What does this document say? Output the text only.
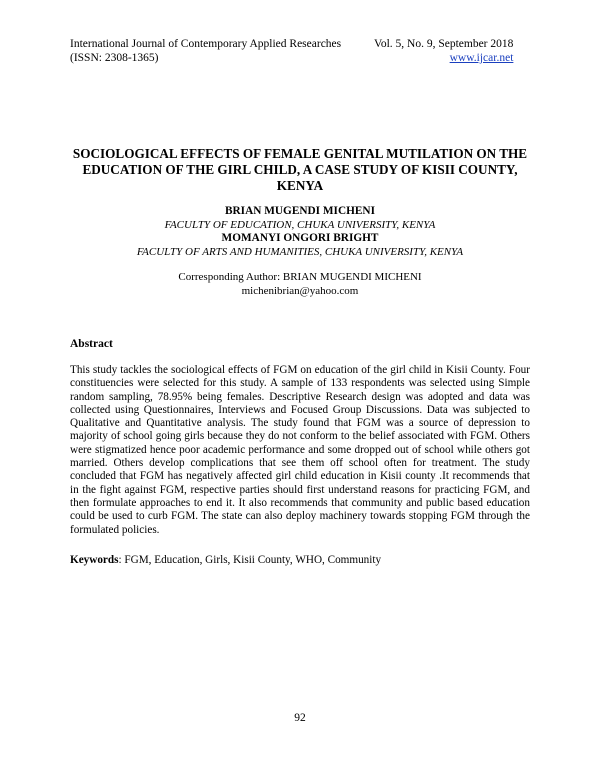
International Journal of Contemporary Applied Researches
(ISSN: 2308-1365)
Vol. 5, No. 9, September 2018
www.ijcar.net
SOCIOLOGICAL EFFECTS OF FEMALE GENITAL MUTILATION ON THE EDUCATION OF THE GIRL CHILD, A CASE STUDY OF KISII COUNTY, KENYA
BRIAN MUGENDI MICHENI
FACULTY OF EDUCATION, CHUKA UNIVERSITY, KENYA
MOMANYI ONGORI BRIGHT
FACULTY OF ARTS AND HUMANITIES, CHUKA UNIVERSITY, KENYA
Corresponding Author: BRIAN MUGENDI MICHENI
michenibrian@yahoo.com
Abstract
This study tackles the sociological effects of FGM on education of the girl child in Kisii County. Four constituencies were selected for this study. A sample of 133 respondents was selected using Simple random sampling, 78.95% being females. Descriptive Research design was adopted and data was collected using Questionnaires, Interviews and Focused Group Discussions. Data was subjected to Qualitative and Quantitative analysis. The study found that FGM was a source of depression to majority of school going girls because they do not conform to the belief associated with FGM. Others were stigmatized hence poor academic performance and some dropped out of school while others got married. Others develop complications that see them off school often for treatment. The study concluded that FGM has negatively affected girl child education in Kisii county .It recommends that in the fight against FGM, respective parties should first understand reasons for practicing FGM, and then formulate approaches to end it. It also recommends that community and public based education could be used to curb FGM. The state can also deploy machinery towards stopping FGM through the formulated policies.
Keywords: FGM, Education, Girls, Kisii County, WHO, Community
92
